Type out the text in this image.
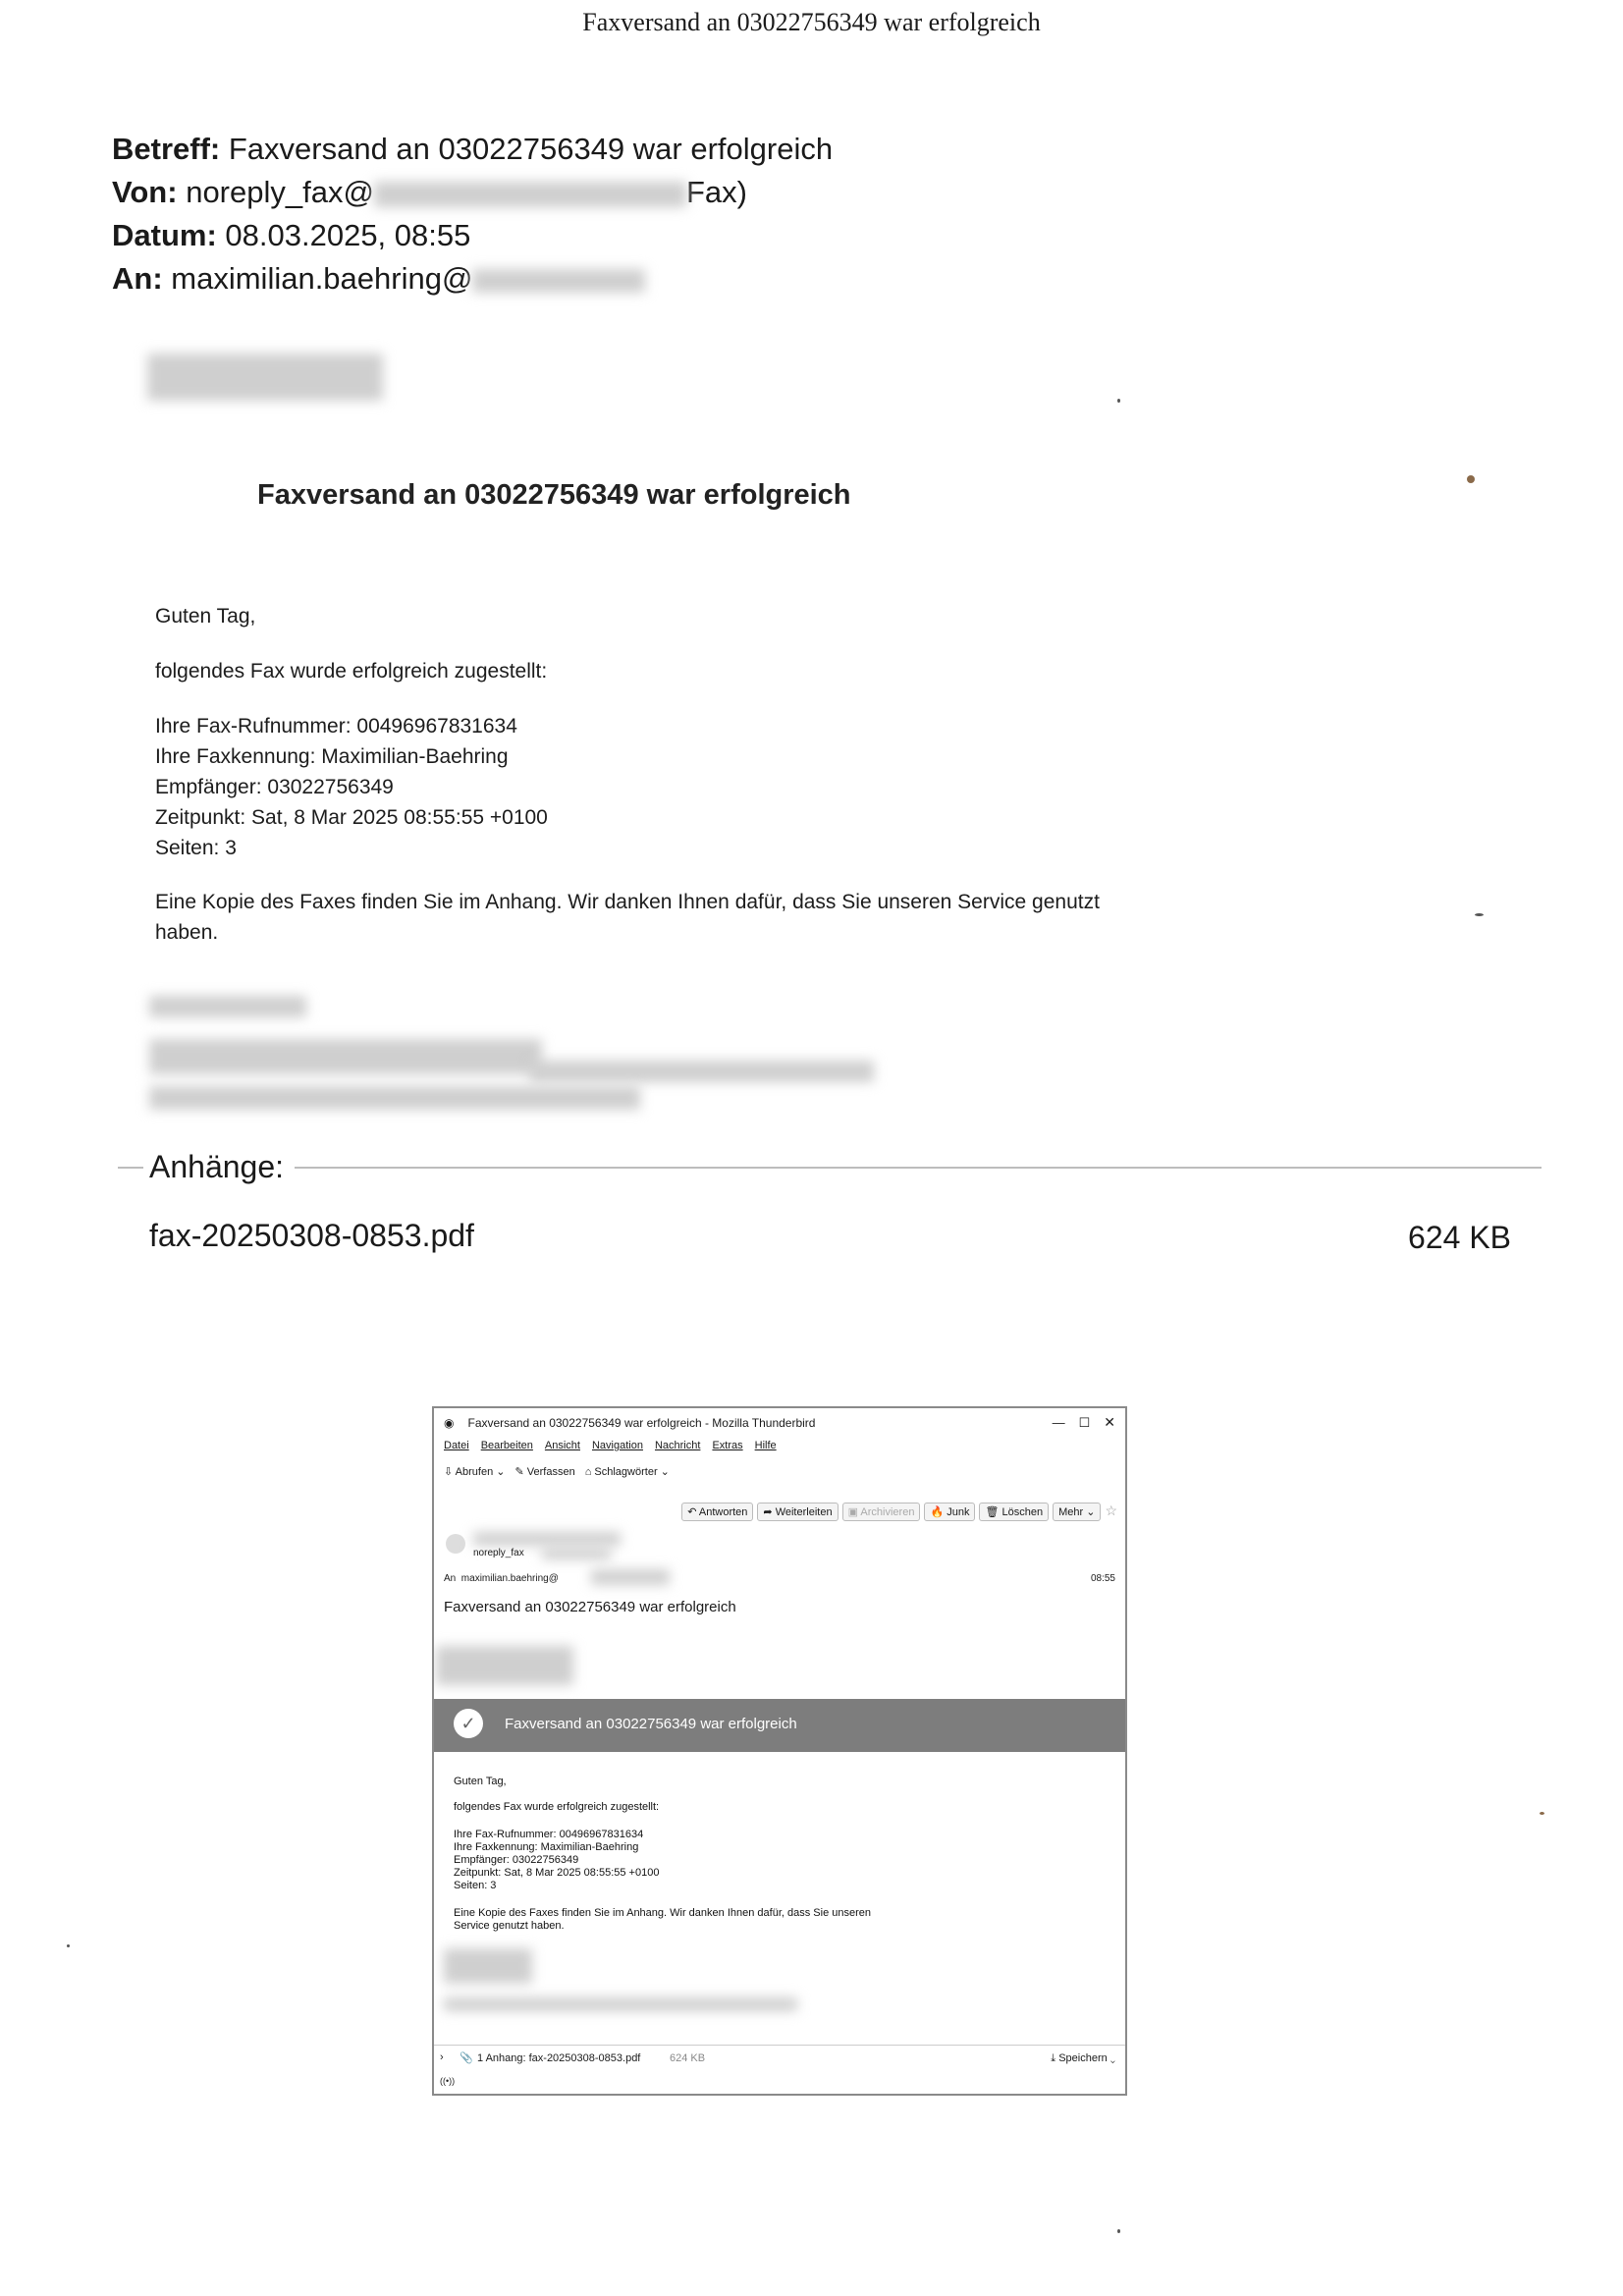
Faxversand an 03022756349 war erfolgreich
Betreff: Faxversand an 03022756349 war erfolgreich
Von: noreply_fax@	Fax)
Datum: 08.03.2025, 08:55
An: maximilian.baehring@
Faxversand an 03022756349 war erfolgreich
Guten Tag,
folgendes Fax wurde erfolgreich zugestellt:
Ihre Fax-Rufnummer: 00496967831634
Ihre Faxkennung: Maximilian-Baehring
Empfänger: 03022756349
Zeitpunkt: Sat, 8 Mar 2025 08:55:55 +0100
Seiten: 3
Eine Kopie des Faxes finden Sie im Anhang. Wir danken Ihnen dafür, dass Sie unseren Service genutzt
haben.
Anhänge:
fax-20250308-0853.pdf	624 KB
◉ Faxversand an 03022756349 war erfolgreich - Mozilla Thunderbird	— ☐ ✕
Datei Bearbeiten Ansicht Navigation Nachricht Extras Hilfe
⇩ Abrufen ⌄ ✎ Verfassen ⌂ Schlagwörter ⌄
↶ Antworten	➦ Weiterleiten	▣ Archivieren	🔥 Junk	🗑 Löschen	Mehr ⌄ ☆
noreply_fax
An maximilian.baehring@	08:55
Faxversand an 03022756349 war erfolgreich
✓	Faxversand an 03022756349 war erfolgreich
Guten Tag,
folgendes Fax wurde erfolgreich zugestellt:
Ihre Fax-Rufnummer: 00496967831634
Ihre Faxkennung: Maximilian-Baehring
Empfänger: 03022756349
Zeitpunkt: Sat, 8 Mar 2025 08:55:55 +0100
Seiten: 3
Eine Kopie des Faxes finden Sie im Anhang. Wir danken Ihnen dafür, dass Sie unseren
Service genutzt haben.
› 📎 1 Anhang: fax-20250308-0853.pdf	624 KB	⤓ Speichern ⌄
((•))
